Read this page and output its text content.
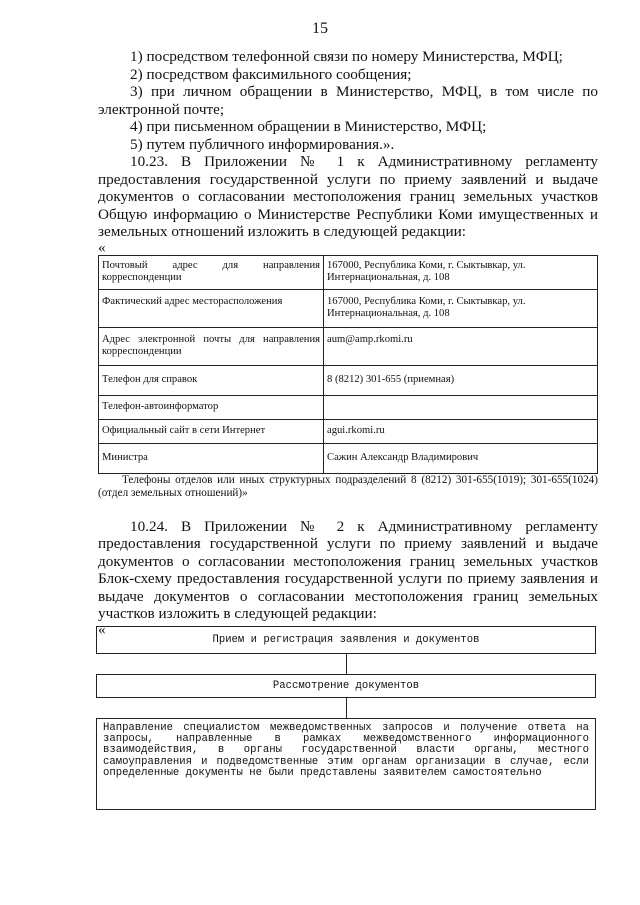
15

1) посредством телефонной связи по номеру Министерства, МФЦ;

2) посредством факсимильного сообщения;

3) при личном обращении в Министерство, МФЦ, в том числе по электронной почте;

4) при письменном обращении в Министерство, МФЦ;

5) путем публичного информирования.».

10.23. В Приложении № 1 к Административному регламенту предоставления государственной услуги по приему заявлений и выдаче документов о согласовании местоположения границ земельных участков Общую информацию о Министерстве Республики Коми имущественных и земельных отношений изложить в следующей редакции:

«

Почтовый адрес для направления корреспонденции	167000, Республика Коми, г. Сыктывкар, ул. Интернациональная, д. 108
Фактический адрес месторасположения	167000, Республика Коми, г. Сыктывкар, ул. Интернациональная, д. 108
Адрес электронной почты для направления корреспонденции	aum@amp.rkomi.ru
Телефон для справок	8 (8212) 301-655 (приемная)
Телефон-автоинформатор	
Официальный сайт в сети Интернет	agui.rkomi.ru
Министра	Сажин Александр Владимирович

Телефоны отделов или иных структурных подразделений 8 (8212) 301-655(1019); 301-655(1024) (отдел земельных отношений)»

10.24. В Приложении № 2 к Административному регламенту предоставления государственной услуги по приему заявлений и выдаче документов о согласовании местоположения границ земельных участков Блок-схему предоставления государственной услуги по приему заявления и выдаче документов о согласовании местоположения границ земельных участков изложить в следующей редакции:

«

Прием и регистрация заявления и документов
Рассмотрение документов
Направление специалистом межведомственных запросов и получение ответа на запросы, направленные в рамках межведомственного информационного взаимодействия, в органы государственной власти органы, местного самоуправления и подведомственные этим органам организации в случае, если определенные документы не были представлены заявителем самостоятельно
